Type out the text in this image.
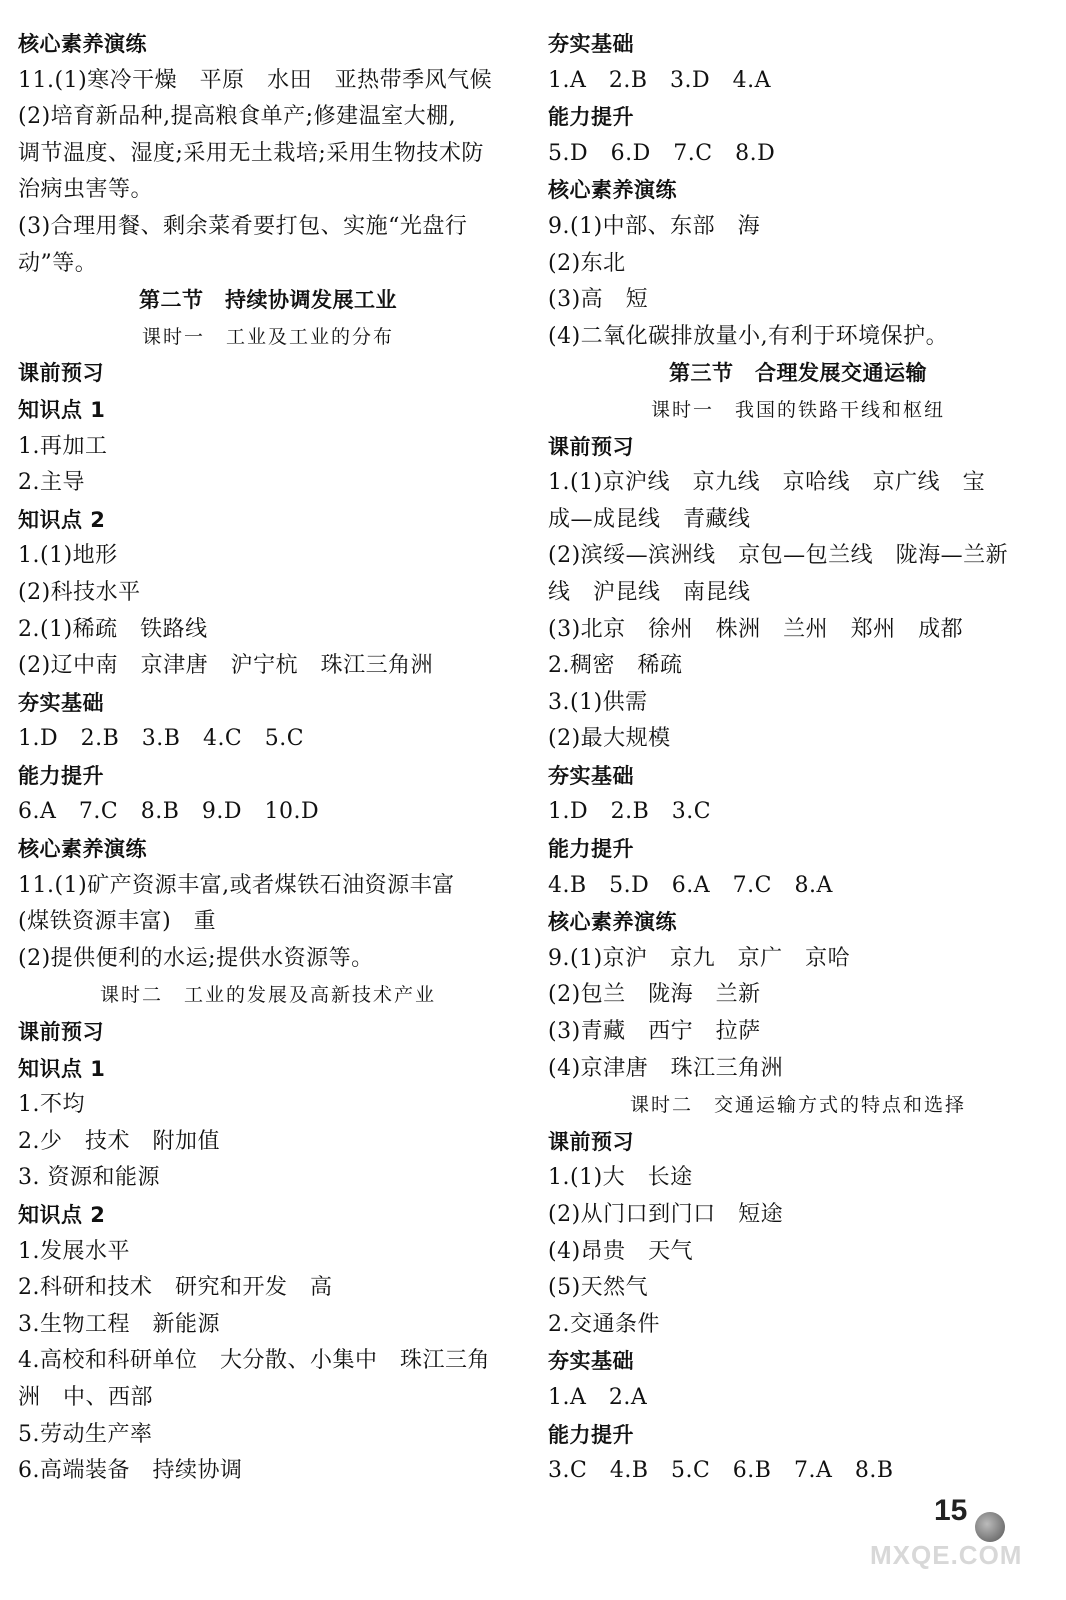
核心素养演练
11.(1)寒冷干燥　平原　水田　亚热带季风气候
(2)培育新品种,提高粮食单产;修建温室大棚,
调节温度、湿度;采用无土栽培;采用生物技术防
治病虫害等。
(3)合理用餐、剩余菜肴要打包、实施“光盘行
动”等。
第二节　持续协调发展工业
课时一　工业及工业的分布
课前预习
知识点 1
1.再加工
2.主导
知识点 2
1.(1)地形
(2)科技水平
2.(1)稀疏　铁路线
(2)辽中南　京津唐　沪宁杭　珠江三角洲
夯实基础
1.D　2.B　3.B　4.C　5.C
能力提升
6.A　7.C　8.B　9.D　10.D
核心素养演练
11.(1)矿产资源丰富,或者煤铁石油资源丰富
(煤铁资源丰富)　重
(2)提供便利的水运;提供水资源等。
课时二　工业的发展及高新技术产业
课前预习
知识点 1
1.不均
2.少　技术　附加值
3. 资源和能源
知识点 2
1.发展水平
2.科研和技术　研究和开发　高
3.生物工程　新能源
4.高校和科研单位　大分散、小集中　珠江三角
洲　中、西部
5.劳动生产率
6.高端装备　持续协调
夯实基础
1.A　2.B　3.D　4.A
能力提升
5.D　6.D　7.C　8.D
核心素养演练
9.(1)中部、东部　海
(2)东北
(3)高　短
(4)二氧化碳排放量小,有利于环境保护。
第三节　合理发展交通运输
课时一　我国的铁路干线和枢纽
课前预习
1.(1)京沪线　京九线　京哈线　京广线　宝
成—成昆线　青藏线
(2)滨绥—滨洲线　京包—包兰线　陇海—兰新
线　沪昆线　南昆线
(3)北京　徐州　株洲　兰州　郑州　成都
2.稠密　稀疏
3.(1)供需
(2)最大规模
夯实基础
1.D　2.B　3.C
能力提升
4.B　5.D　6.A　7.C　8.A
核心素养演练
9.(1)京沪　京九　京广　京哈
(2)包兰　陇海　兰新
(3)青藏　西宁　拉萨
(4)京津唐　珠江三角洲
课时二　交通运输方式的特点和选择
课前预习
1.(1)大　长途
(2)从门口到门口　短途
(4)昂贵　天气
(5)天然气
2.交通条件
夯实基础
1.A　2.A
能力提升
3.C　4.B　5.C　6.B　7.A　8.B
15
MXQE.COM
